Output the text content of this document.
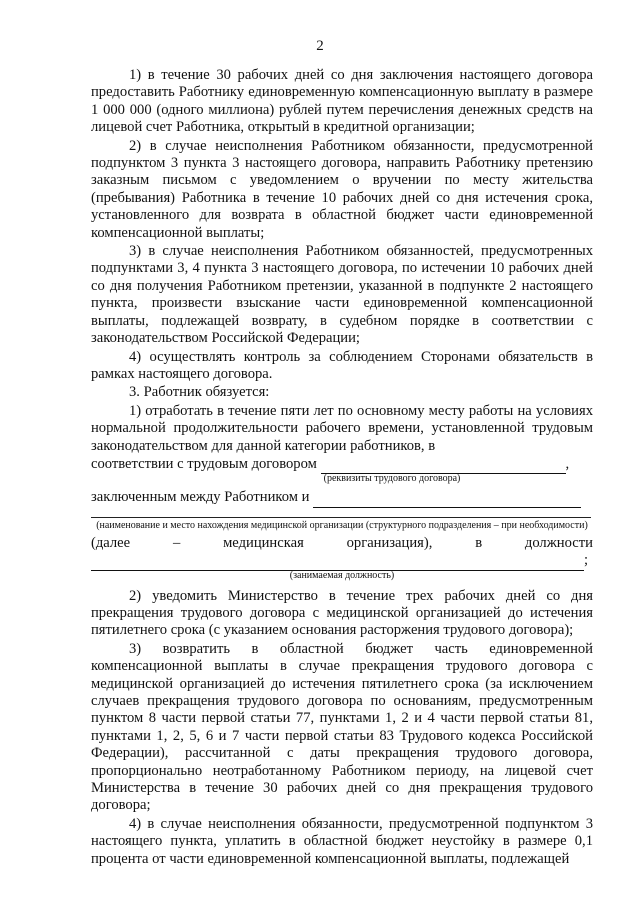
2

1) в течение 30 рабочих дней со дня заключения настоящего договора предоставить Работнику единовременную компенсационную выплату в размере 1 000 000 (одного миллиона) рублей путем перечисления денежных средств на лицевой счет Работника, открытый в кредитной организации;

2) в случае неисполнения Работником обязанности, предусмотренной подпунктом 3 пункта 3 настоящего договора, направить Работнику претензию заказным письмом с уведомлением о вручении по месту жительства (пребывания) Работника в течение 10 рабочих дней со дня истечения срока, установленного для возврата в областной бюджет части единовременной компенсационной выплаты;

3) в случае неисполнения Работником обязанностей, предусмотренных подпунктами 3, 4 пункта 3 настоящего договора, по истечении 10 рабочих дней со дня получения Работником претензии, указанной в подпункте 2 настоящего пункта, произвести взыскание части единовременной компенсационной выплаты, подлежащей возврату, в судебном порядке в соответствии с законодательством Российской Федерации;

4) осуществлять контроль за соблюдением Сторонами обязательств в рамках настоящего договора.

3. Работник обязуется:

1) отработать в течение пяти лет по основному месту работы на условиях нормальной продолжительности рабочего времени, установленной трудовым законодательством для данной категории работников, в

соответствии с трудовым договором	,
(реквизиты трудового договора)
заключенным между Работником и
(наименование и место нахождения медицинской организации (структурного подразделения – при необходимости)
(далее	–	медицинская	организация),	в	должности
;
(занимаемая должность)

2) уведомить Министерство в течение трех рабочих дней со дня прекращения трудового договора с медицинской организацией до истечения пятилетнего срока (с указанием основания расторжения трудового договора);

3) возвратить в областной бюджет часть единовременной компенсационной выплаты в случае прекращения трудового договора с медицинской организацией до истечения пятилетнего срока (за исключением случаев прекращения трудового договора по основаниям, предусмотренным пунктом 8 части первой статьи 77, пунктами 1, 2 и 4 части первой статьи 81, пунктами 1, 2, 5, 6 и 7 части первой статьи 83 Трудового кодекса Российской Федерации), рассчитанной с даты прекращения трудового договора, пропорционально неотработанному Работником периоду, на лицевой счет Министерства в течение 30 рабочих дней со дня прекращения трудового договора;

4) в случае неисполнения обязанности, предусмотренной подпунктом 3 настоящего пункта, уплатить в областной бюджет неустойку в размере 0,1 процента от части единовременной компенсационной выплаты, подлежащей
